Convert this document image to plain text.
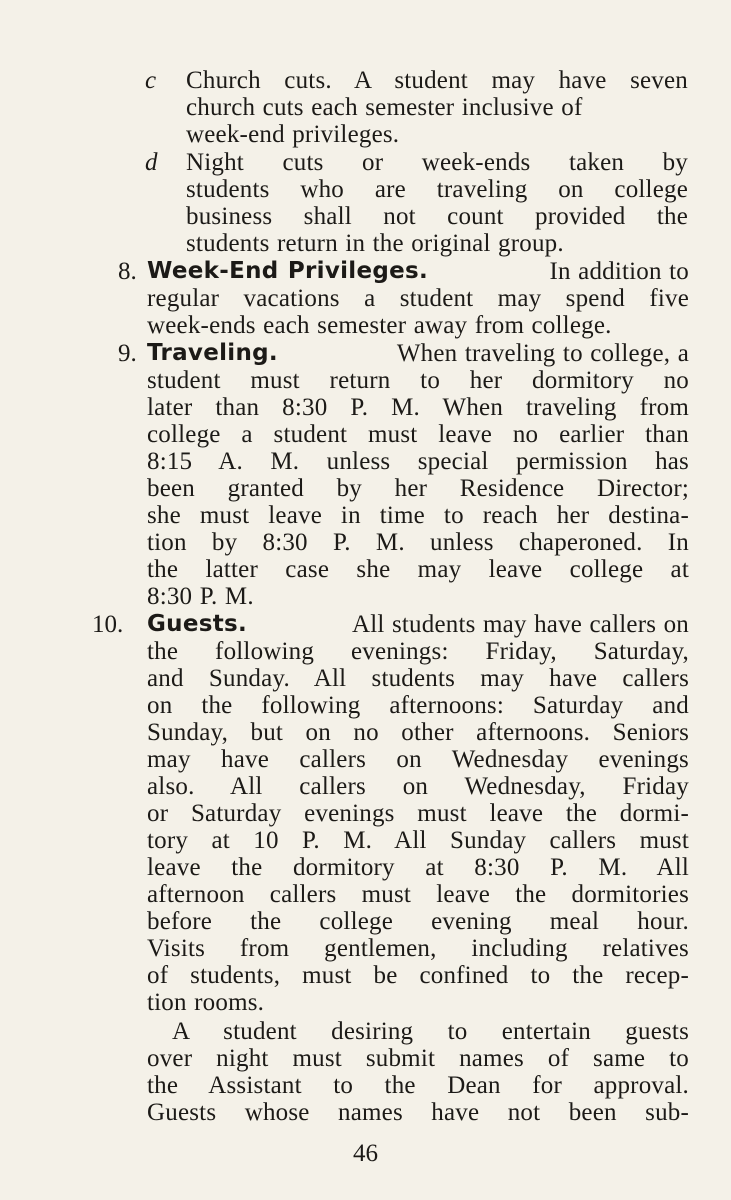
c Church cuts. A student may have seven
church cuts each semester inclusive of
week-end privileges.
d Night cuts or week-ends taken by
students who are traveling on college
business shall not count provided the
students return in the original group.
8. Week-End Privileges.	In addition to
regular vacations a student may spend five
week-ends each semester away from college.
9. Traveling.	When traveling to college, a
student must return to her dormitory no
later than 8:30 P. M. When traveling from
college a student must leave no earlier than
8:15 A. M. unless special permission has
been granted by her Residence Director;
she must leave in time to reach her destina-
tion by 8:30 P. M. unless chaperoned. In
the latter case she may leave college at
8:30 P. M.
10. Guests.	All students may have callers on
the following evenings: Friday, Saturday,
and Sunday. All students may have callers
on the following afternoons: Saturday and
Sunday, but on no other afternoons. Seniors
may have callers on Wednesday evenings
also. All callers on Wednesday, Friday
or Saturday evenings must leave the dormi-
tory at 10 P. M. All Sunday callers must
leave the dormitory at 8:30 P. M. All
afternoon callers must leave the dormitories
before the college evening meal hour.
Visits from gentlemen, including relatives
of students, must be confined to the recep-
tion rooms.
A student desiring to entertain guests
over night must submit names of same to
the Assistant to the Dean for approval.
Guests whose names have not been sub-
46
